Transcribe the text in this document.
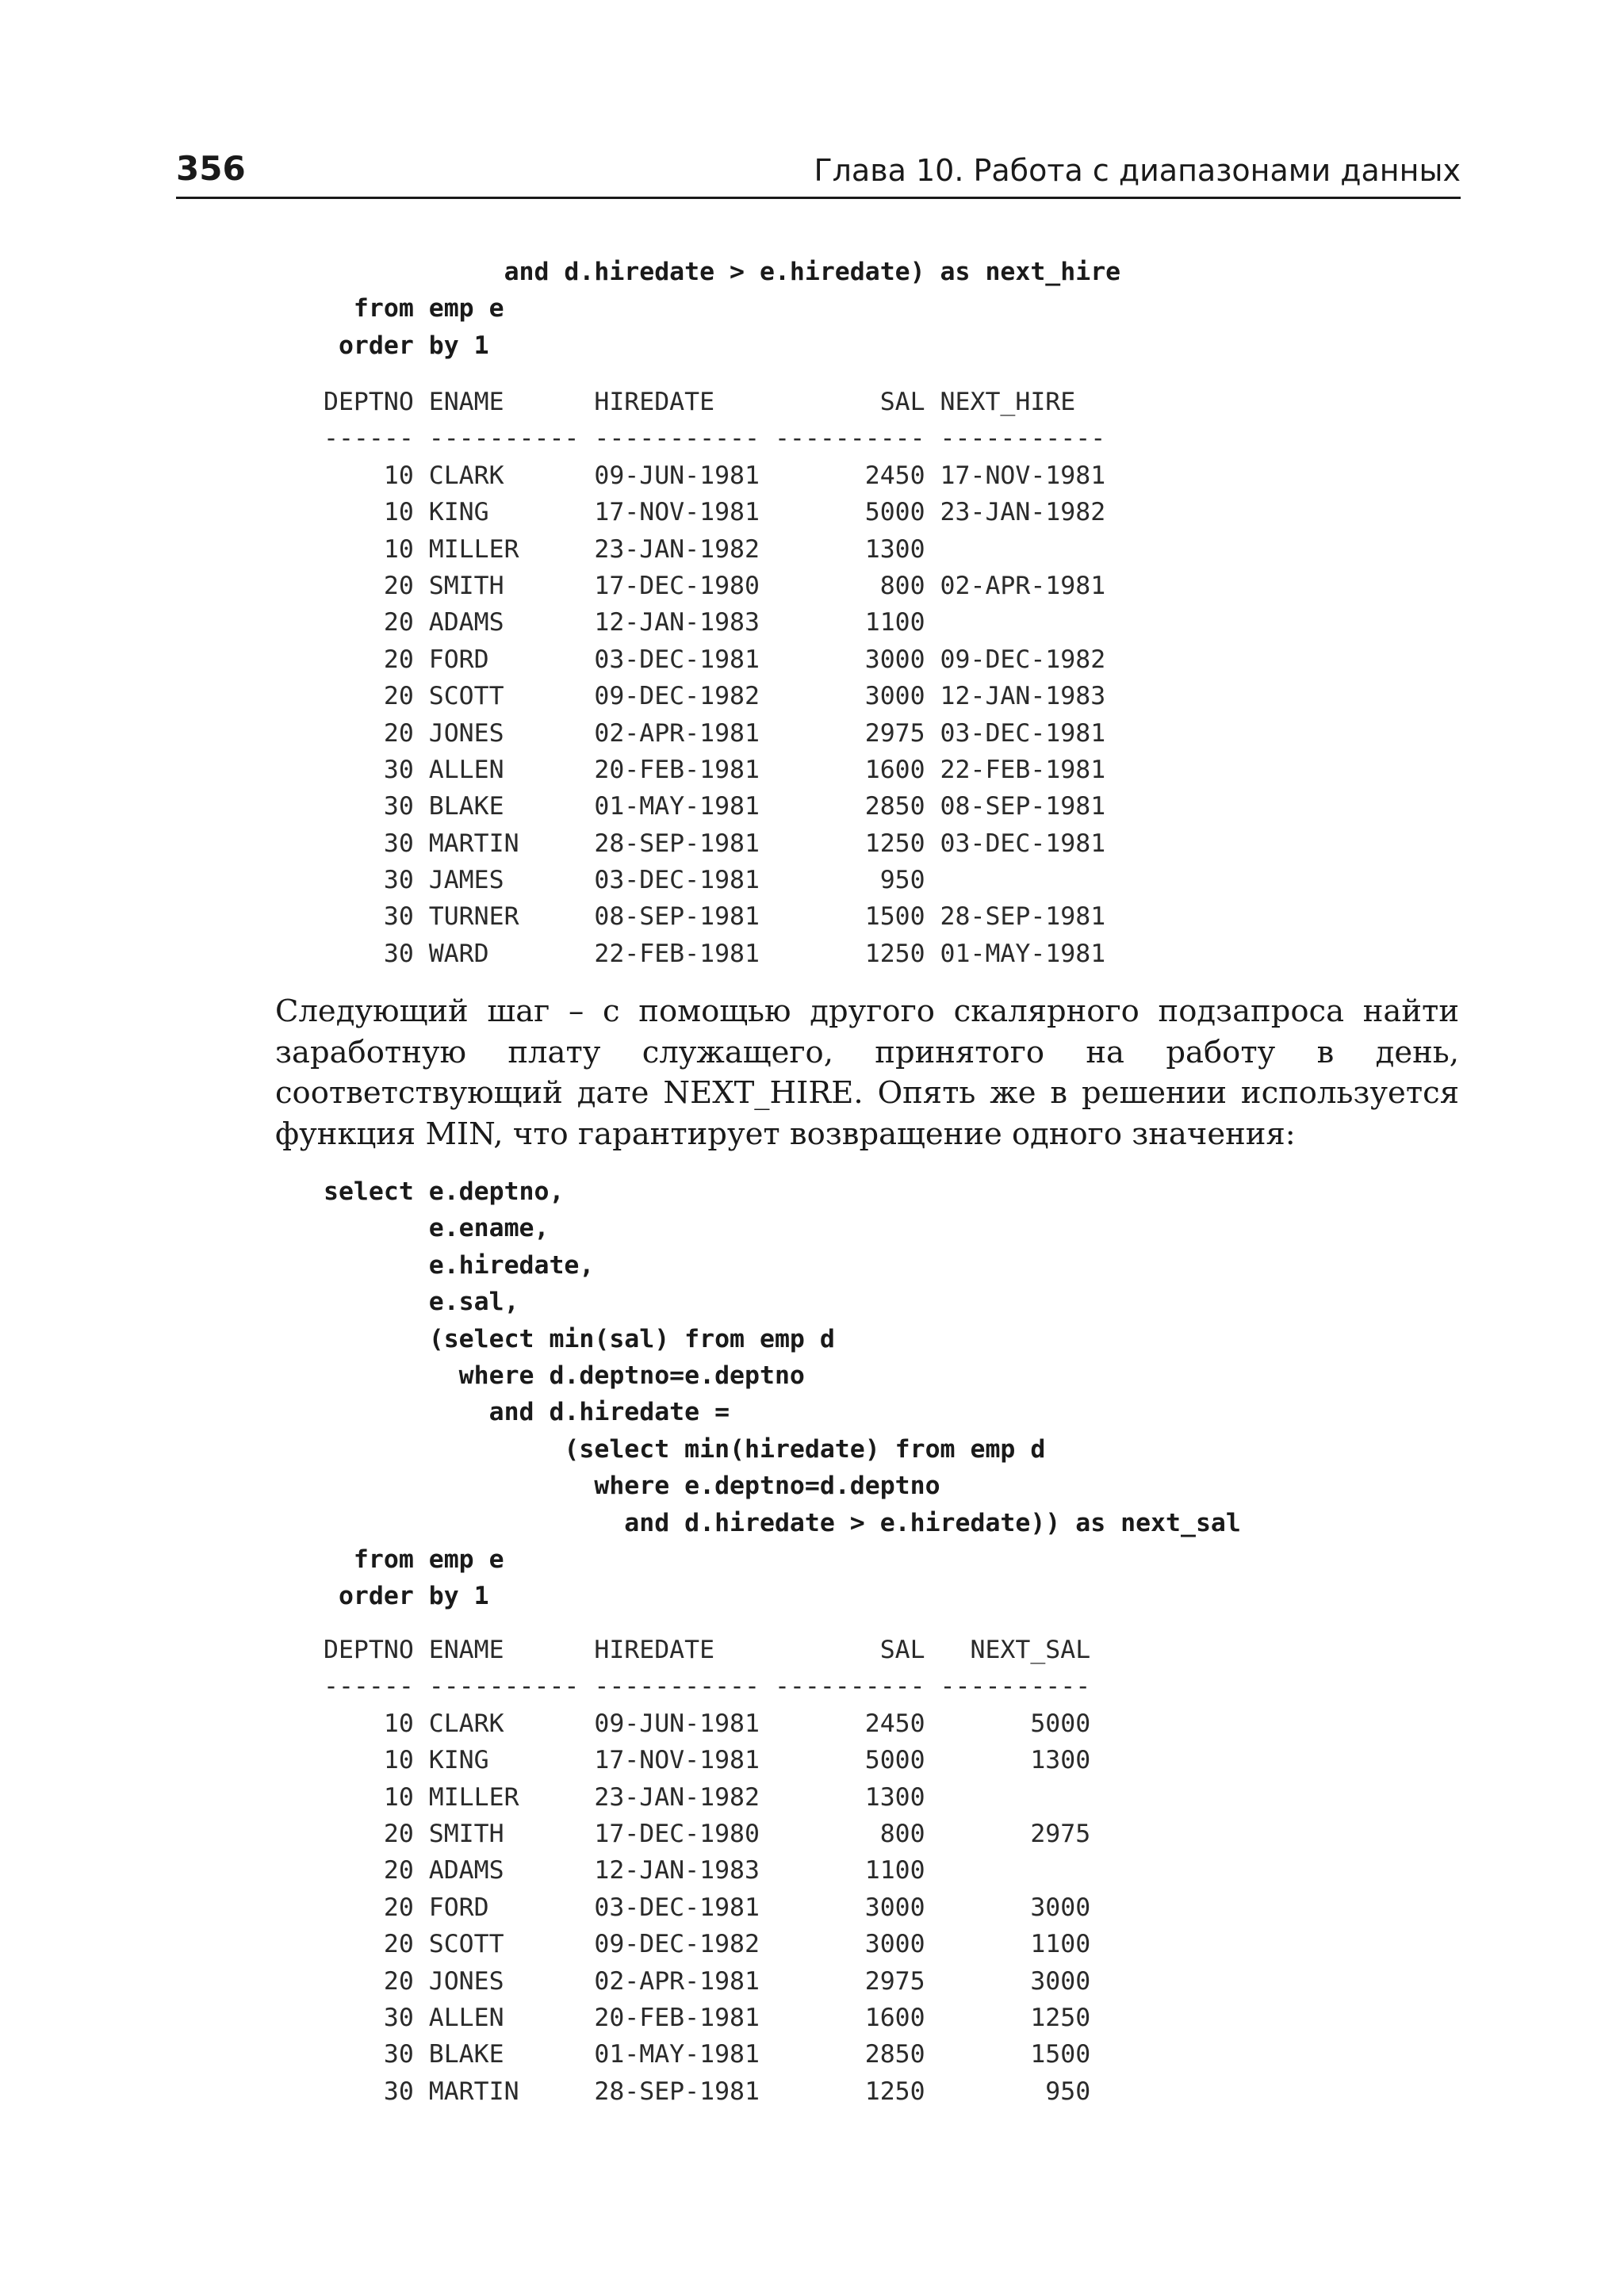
356	Глава 10. Работа с диапазонами данных

and d.hiredate > e.hiredate) as next_hire
from emp e
order by 1
DEPTNO ENAME      HIREDATE           SAL NEXT_HIRE
------ ---------- ----------- ---------- -----------
10 CLARK      09-JUN-1981       2450 17-NOV-1981
10 KING       17-NOV-1981       5000 23-JAN-1982
10 MILLER     23-JAN-1982       1300
20 SMITH      17-DEC-1980        800 02-APR-1981
20 ADAMS      12-JAN-1983       1100
20 FORD       03-DEC-1981       3000 09-DEC-1982
20 SCOTT      09-DEC-1982       3000 12-JAN-1983
20 JONES      02-APR-1981       2975 03-DEC-1981
30 ALLEN      20-FEB-1981       1600 22-FEB-1981
30 BLAKE      01-MAY-1981       2850 08-SEP-1981
30 MARTIN     28-SEP-1981       1250 03-DEC-1981
30 JAMES      03-DEC-1981        950
30 TURNER     08-SEP-1981       1500 28-SEP-1981
30 WARD       22-FEB-1981       1250 01-MAY-1981

Следующий шаг – с помощью другого скалярного подзапроса найти заработную плату служащего, принятого на работу в день, соответствующий дате NEXT_HIRE. Опять же в решении используется функция MIN, что гарантирует возвращение одного значения:

select e.deptno,
e.ename,
e.hiredate,
e.sal,
(select min(sal) from emp d
where d.deptno=e.deptno
and d.hiredate =
(select min(hiredate) from emp d
where e.deptno=d.deptno
and d.hiredate > e.hiredate)) as next_sal
from emp e
order by 1
DEPTNO ENAME      HIREDATE           SAL   NEXT_SAL
------ ---------- ----------- ---------- ----------
10 CLARK      09-JUN-1981       2450       5000
10 KING       17-NOV-1981       5000       1300
10 MILLER     23-JAN-1982       1300
20 SMITH      17-DEC-1980        800       2975
20 ADAMS      12-JAN-1983       1100
20 FORD       03-DEC-1981       3000       3000
20 SCOTT      09-DEC-1982       3000       1100
20 JONES      02-APR-1981       2975       3000
30 ALLEN      20-FEB-1981       1600       1250
30 BLAKE      01-MAY-1981       2850       1500
30 MARTIN     28-SEP-1981       1250        950
